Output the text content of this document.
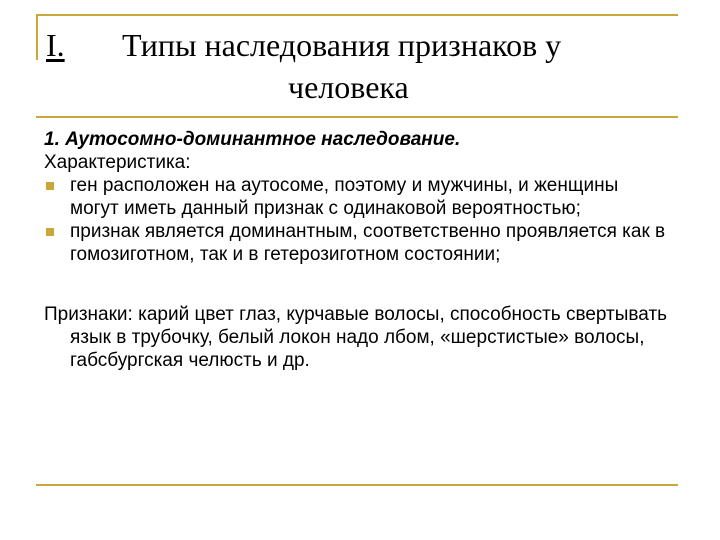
I. Типы наследования признаков у
человека

1. Аутосомно-доминантное наследование.

Характеристика:

ген расположен на аутосоме, поэтому и мужчины, и женщины могут иметь данный признак с одинаковой вероятностью;
признак является доминантным, соответственно проявляется как в гомозиготном, так и в гетерозиготном состоянии;

Признаки: карий цвет глаз, курчавые волосы, способность свертывать язык в трубочку, белый локон надо лбом, «шерстистые» волосы, габсбургская челюсть и др.
